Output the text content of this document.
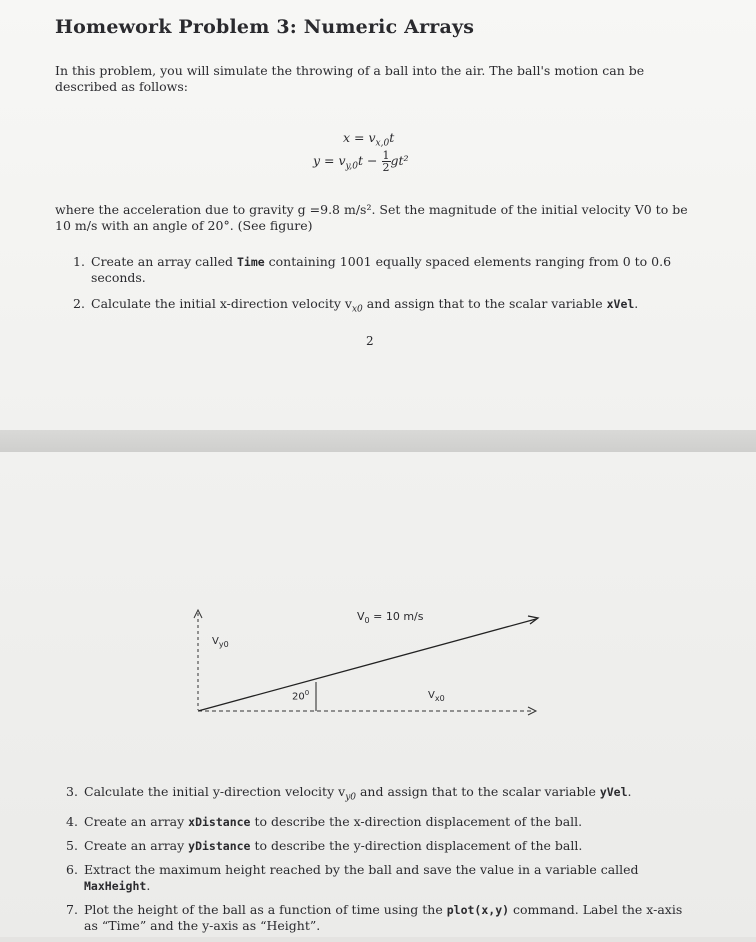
Homework Problem 3: Numeric Arrays
In this problem, you will simulate the throwing of a ball into the air. The ball's motion can be described as follows:
$x = v_{x,0}t$
$y = v_{y,0}t - \frac{1}{2} gt^2$
where the acceleration due to gravity g =9.8 m/s². Set the magnitude of the initial velocity V0 to be 10 m/s with an angle of 20°. (See figure)
1. Create an array called Time containing 1001 equally spaced elements ranging from 0 to 0.6 seconds.
2. Calculate the initial x-direction velocity $v_{x0}$ and assign that to the scalar variable xVel.
2
$V_0 = 10$ m/s
$V_{y0}$
$V_{x0}$
$20^0$
3. Calculate the initial y-direction velocity $v_{y0}$ and assign that to the scalar variable yVel.
4. Create an array xDistance to describe the x-direction displacement of the ball.
5. Create an array yDistance to describe the y-direction displacement of the ball.
6. Extract the maximum height reached by the ball and save the value in a variable called MaxHeight.
7. Plot the height of the ball as a function of time using the plot(x,y) command. Label the x-axis as “Time” and the y-axis as “Height”.
